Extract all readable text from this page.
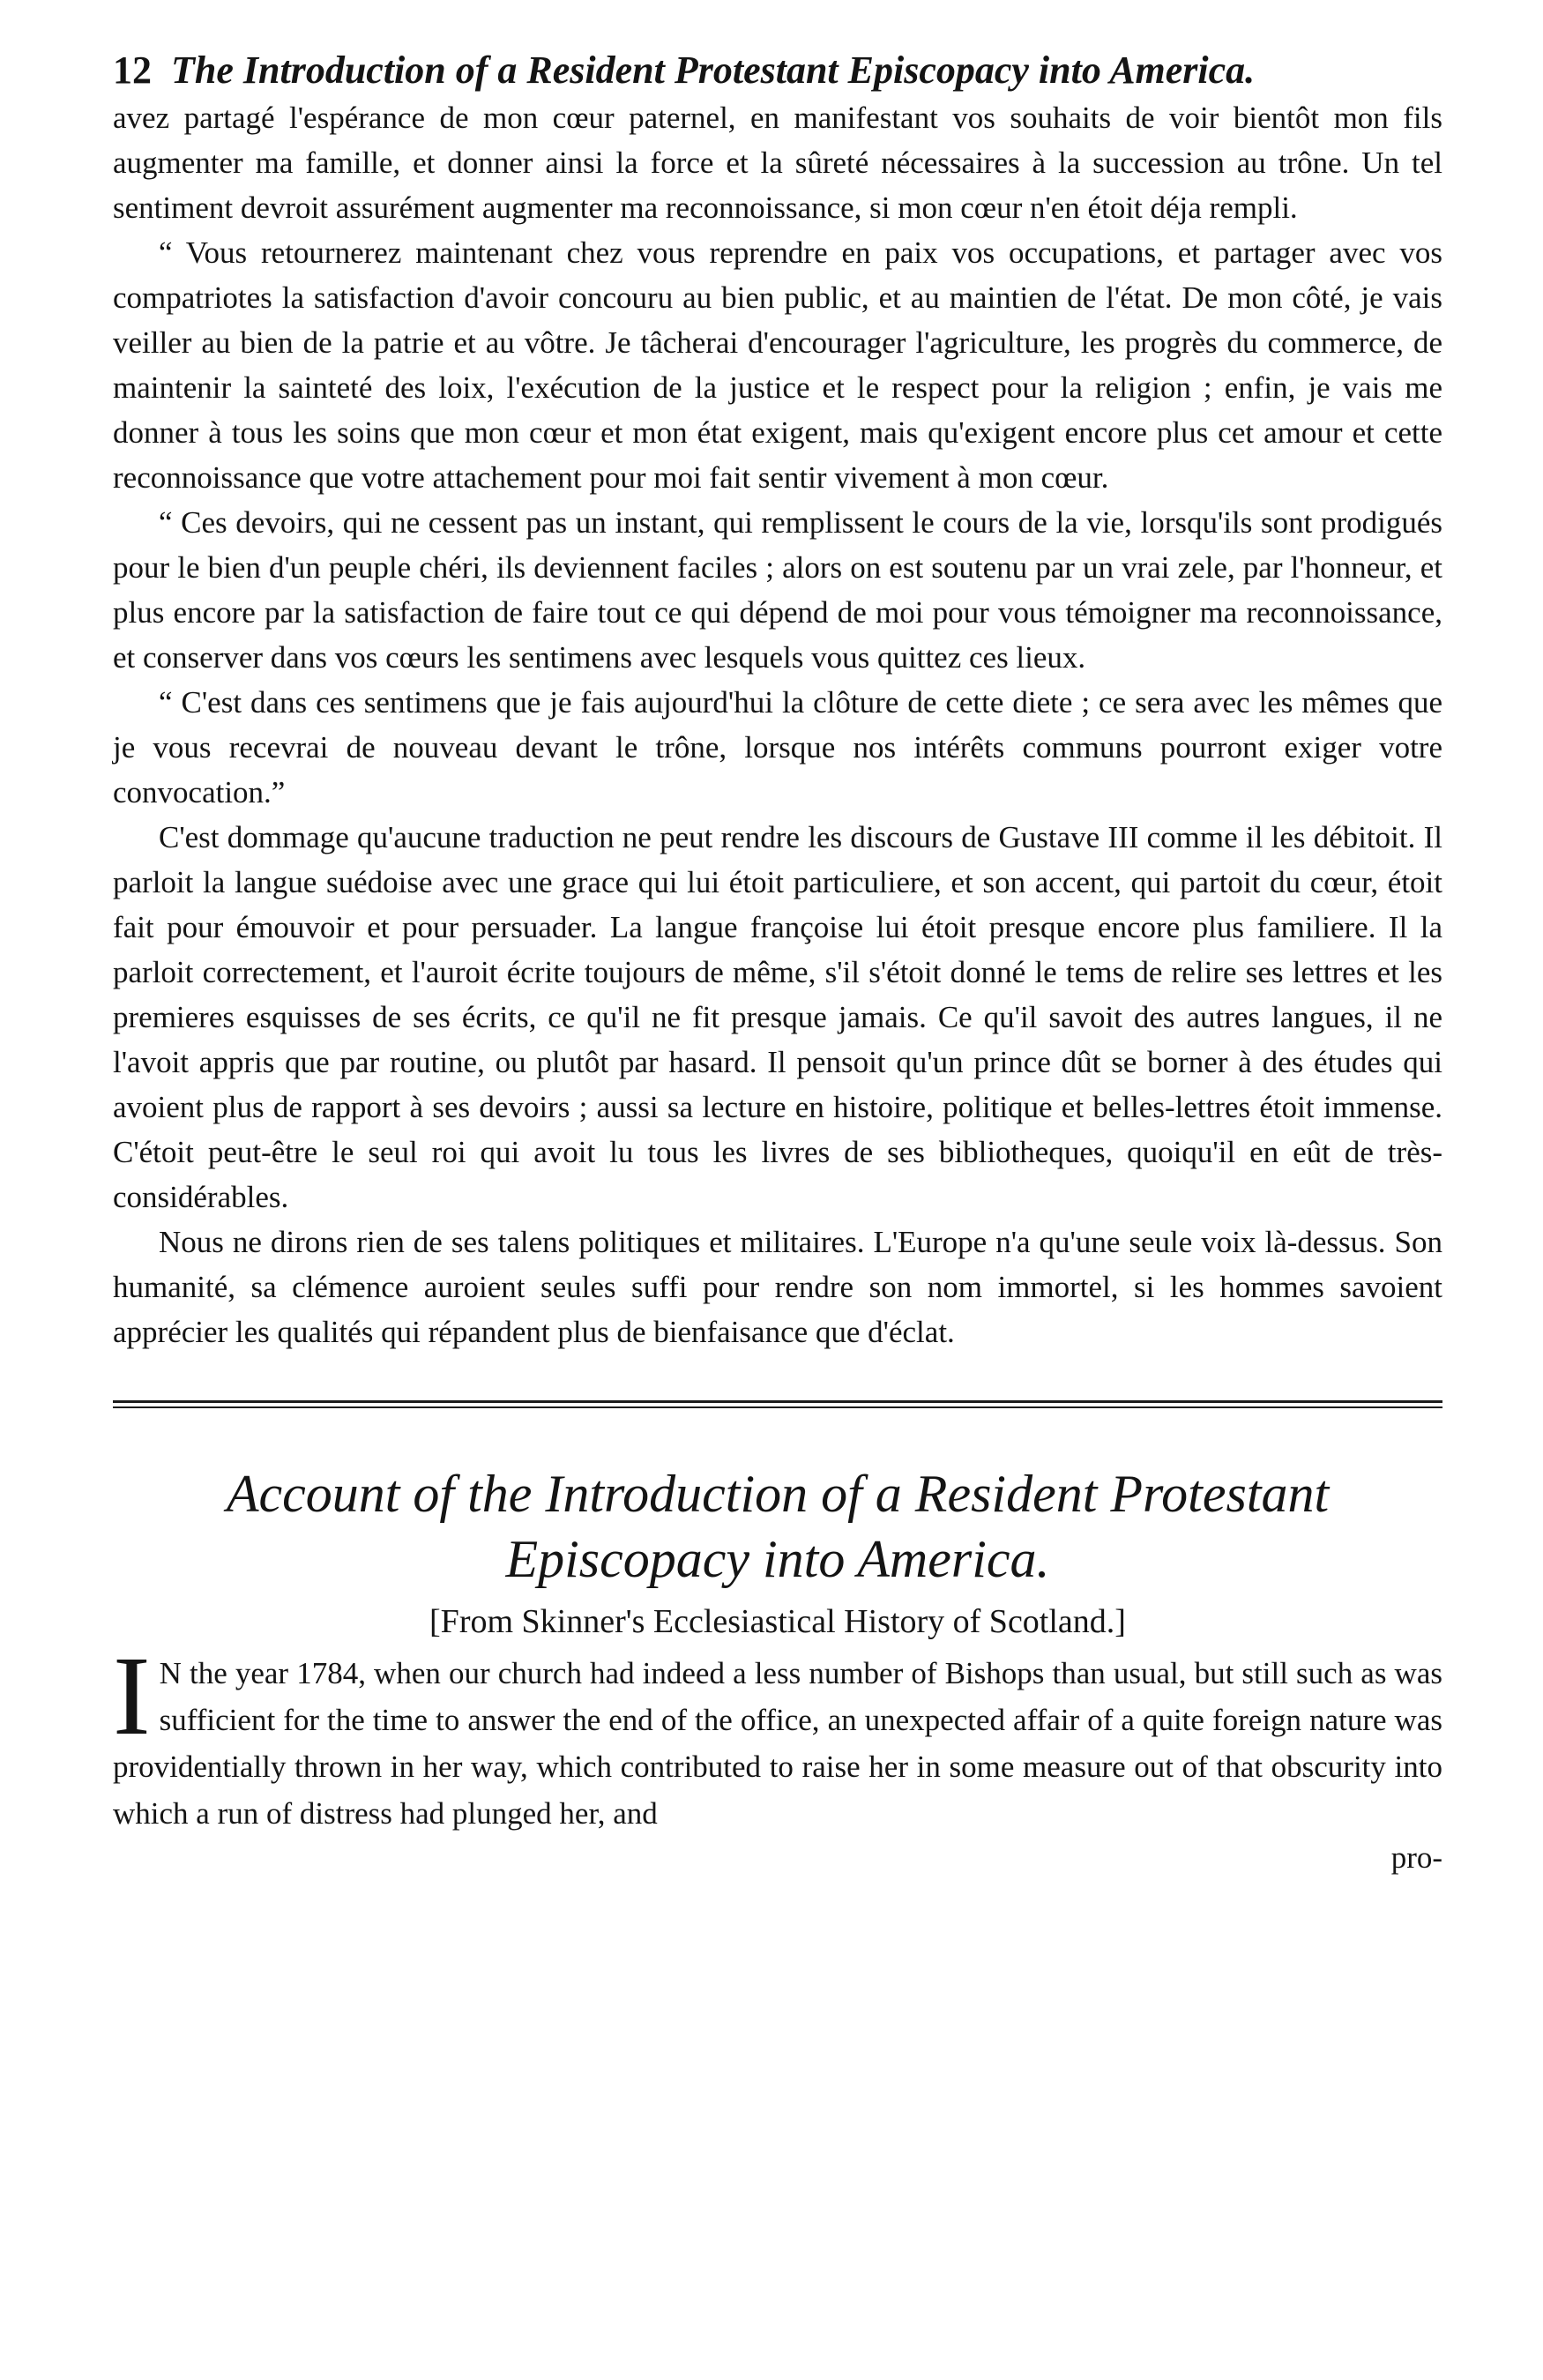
12 The Introduction of a Resident Protestant Episcopacy into America.

avez partagé l'espérance de mon cœur paternel, en manifestant vos souhaits de voir bientôt mon fils augmenter ma famille, et donner ainsi la force et la sûreté nécessaires à la succession au trône. Un tel sentiment devroit assurément augmenter ma reconnoissance, si mon cœur n'en étoit déja rempli.

“ Vous retournerez maintenant chez vous reprendre en paix vos occupations, et partager avec vos compatriotes la satisfaction d'avoir concouru au bien public, et au maintien de l'état. De mon côté, je vais veiller au bien de la patrie et au vôtre. Je tâcherai d'encourager l'agriculture, les progrès du commerce, de maintenir la sainteté des loix, l'exécution de la justice et le respect pour la religion ; enfin, je vais me donner à tous les soins que mon cœur et mon état exigent, mais qu'exigent encore plus cet amour et cette reconnoissance que votre attachement pour moi fait sentir vivement à mon cœur.

“ Ces devoirs, qui ne cessent pas un instant, qui remplissent le cours de la vie, lorsqu'ils sont prodigués pour le bien d'un peuple chéri, ils deviennent faciles ; alors on est soutenu par un vrai zele, par l'honneur, et plus encore par la satisfaction de faire tout ce qui dépend de moi pour vous témoigner ma reconnoissance, et conserver dans vos cœurs les sentimens avec lesquels vous quittez ces lieux.

“ C'est dans ces sentimens que je fais aujourd'hui la clôture de cette diete ; ce sera avec les mêmes que je vous recevrai de nouveau devant le trône, lorsque nos intérêts communs pourront exiger votre convocation.”

C'est dommage qu'aucune traduction ne peut rendre les discours de Gustave III comme il les débitoit. Il parloit la langue suédoise avec une grace qui lui étoit particuliere, et son accent, qui partoit du cœur, étoit fait pour émouvoir et pour persuader. La langue françoise lui étoit presque encore plus familiere. Il la parloit correctement, et l'auroit écrite toujours de même, s'il s'étoit donné le tems de relire ses lettres et les premieres esquisses de ses écrits, ce qu'il ne fit presque jamais. Ce qu'il savoit des autres langues, il ne l'avoit appris que par routine, ou plutôt par hasard. Il pensoit qu'un prince dût se borner à des études qui avoient plus de rapport à ses devoirs ; aussi sa lecture en histoire, politique et belles-lettres étoit immense. C'étoit peut-être le seul roi qui avoit lu tous les livres de ses bibliotheques, quoiqu'il en eût de très-considérables.

Nous ne dirons rien de ses talens politiques et militaires. L'Europe n'a qu'une seule voix là-dessus. Son humanité, sa clémence auroient seules suffi pour rendre son nom immortel, si les hommes savoient apprécier les qualités qui répandent plus de bienfaisance que d'éclat.

Account of the Introduction of a Resident Protestant Episcopacy into America.
[From Skinner's Ecclesiastical History of Scotland.]

I N the year 1784, when our church had indeed a less number of Bishops than usual, but still such as was sufficient for the time to answer the end of the office, an unexpected affair of a quite foreign nature was providentially thrown in her way, which contributed to raise her in some measure out of that obscurity into which a run of distress had plunged her, and

pro-
